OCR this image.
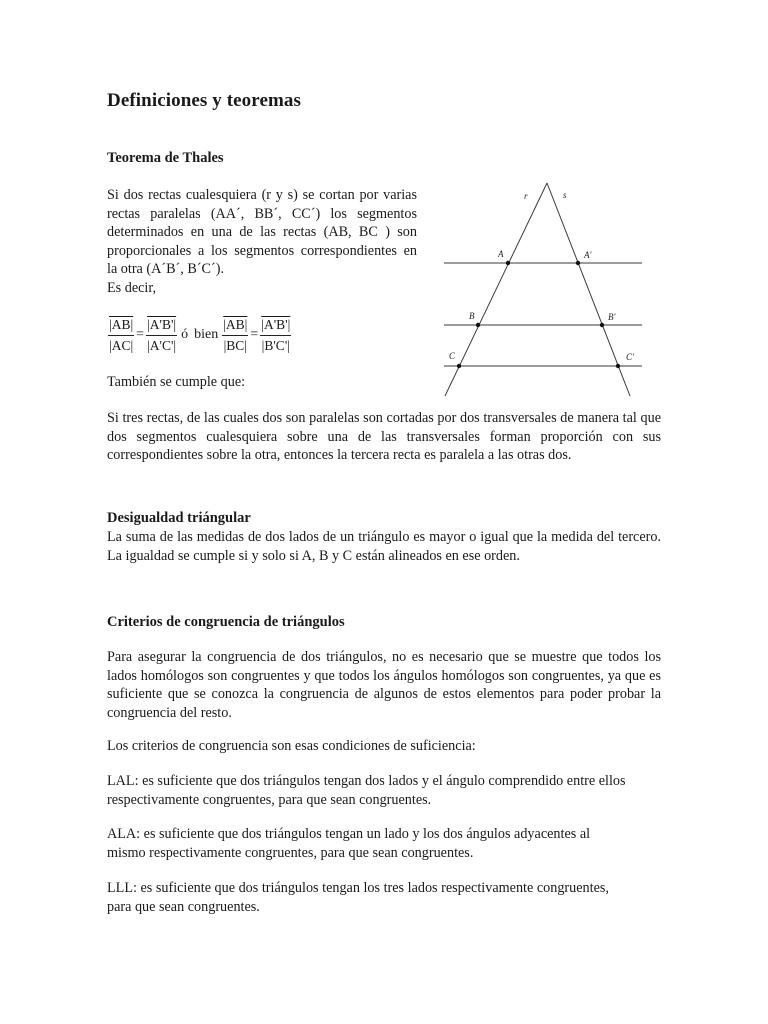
Definiciones y teoremas
Teorema de Thales
Si dos rectas cualesquiera (r y s) se cortan por varias
rectas paralelas (AA´, BB´, CC´) los segmentos
determinados en una de las rectas (AB, BC ) son
proporcionales a los segmentos correspondientes en
la otra (A´B´, B´C´).
Es decir,
$\frac{|AB|}{|AC|} = \frac{|A'B'|}{|A'C'|}$ ó bien $\frac{|AB|}{|BC|} = \frac{|A'B'|}{|B'C'|}$
También se cumple que:

Si tres rectas, de las cuales dos son paralelas son cortadas por dos transversales de manera tal que dos segmentos cualesquiera sobre una de las transversales forman proporción con sus correspondientes sobre la otra, entonces la tercera recta es paralela a las otras dos.

r	s
A	A'
B	B'
C	C'
Desigualdad triángular

La suma de las medidas de dos lados de un triángulo es mayor o igual que la medida del tercero. La igualdad se cumple si y solo si A, B y C están alineados en ese orden.

Criterios de congruencia de triángulos

Para asegurar la congruencia de dos triángulos, no es necesario que se muestre que todos los lados homólogos son congruentes y que todos los ángulos homólogos son congruentes, ya que es suficiente que se conozca la congruencia de algunos de estos elementos para poder probar la congruencia del resto.

Los criterios de congruencia son esas condiciones de suficiencia:

LAL: es suficiente que dos triángulos tengan dos lados y el ángulo comprendido entre ellos respectivamente congruentes, para que sean congruentes.

ALA: es suficiente que dos triángulos tengan un lado y los dos ángulos adyacentes al
mismo respectivamente congruentes, para que sean congruentes.
LLL: es suficiente que dos triángulos tengan los tres lados respectivamente congruentes,
para que sean congruentes.
